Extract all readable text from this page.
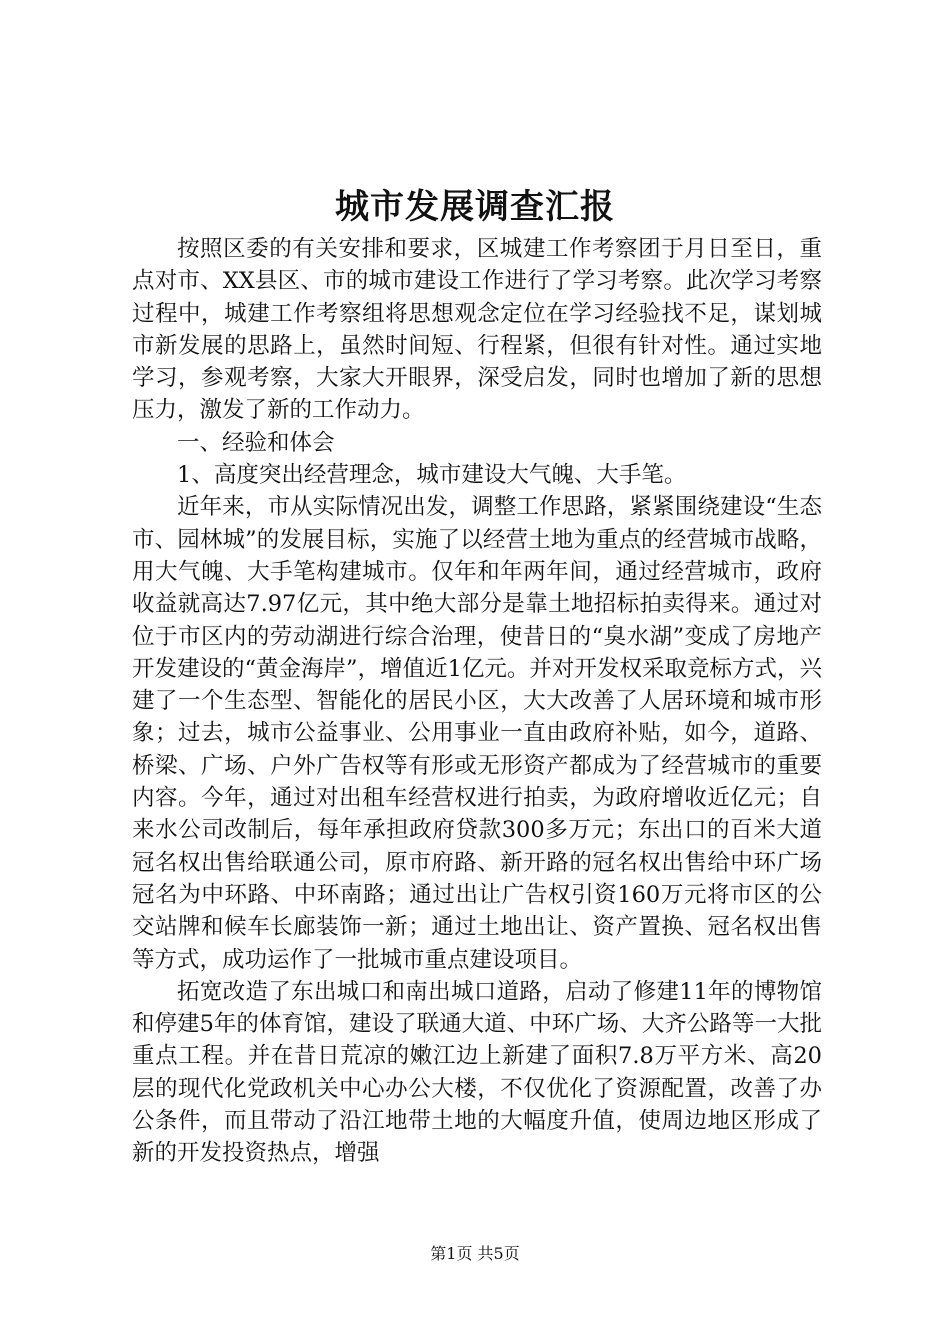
城市发展调查汇报

按照区委的有关安排和要求，区城建工作考察团于月日至日，重点对市、XX县区、市的城市建设工作进行了学习考察。此次学习考察过程中，城建工作考察组将思想观念定位在学习经验找不足，谋划城市新发展的思路上，虽然时间短、行程紧，但很有针对性。通过实地学习，参观考察，大家大开眼界，深受启发，同时也增加了新的思想压力，激发了新的工作动力。

一、经验和体会

1、高度突出经营理念，城市建设大气魄、大手笔。

近年来，市从实际情况出发，调整工作思路，紧紧围绕建设“生态市、园林城”的发展目标，实施了以经营土地为重点的经营城市战略，用大气魄、大手笔构建城市。仅年和年两年间，通过经营城市，政府收益就高达7.97亿元，其中绝大部分是靠土地招标拍卖得来。通过对位于市区内的劳动湖进行综合治理，使昔日的“臭水湖”变成了房地产开发建设的“黄金海岸”，增值近1亿元。并对开发权采取竞标方式，兴建了一个生态型、智能化的居民小区，大大改善了人居环境和城市形象；过去，城市公益事业、公用事业一直由政府补贴，如今，道路、桥梁、广场、户外广告权等有形或无形资产都成为了经营城市的重要内容。今年，通过对出租车经营权进行拍卖，为政府增收近亿元；自来水公司改制后，每年承担政府贷款300多万元；东出口的百米大道冠名权出售给联通公司，原市府路、新开路的冠名权出售给中环广场冠名为中环路、中环南路；通过出让广告权引资160万元将市区的公交站牌和候车长廊装饰一新；通过土地出让、资产置换、冠名权出售等方式，成功运作了一批城市重点建设项目。

拓宽改造了东出城口和南出城口道路，启动了修建11年的博物馆和停建5年的体育馆，建设了联通大道、中环广场、大齐公路等一大批重点工程。并在昔日荒凉的嫩江边上新建了面积7.8万平方米、高20层的现代化党政机关中心办公大楼，不仅优化了资源配置，改善了办公条件，而且带动了沿江地带土地的大幅度升值，使周边地区形成了新的开发投资热点，增强

第1页 共5页
